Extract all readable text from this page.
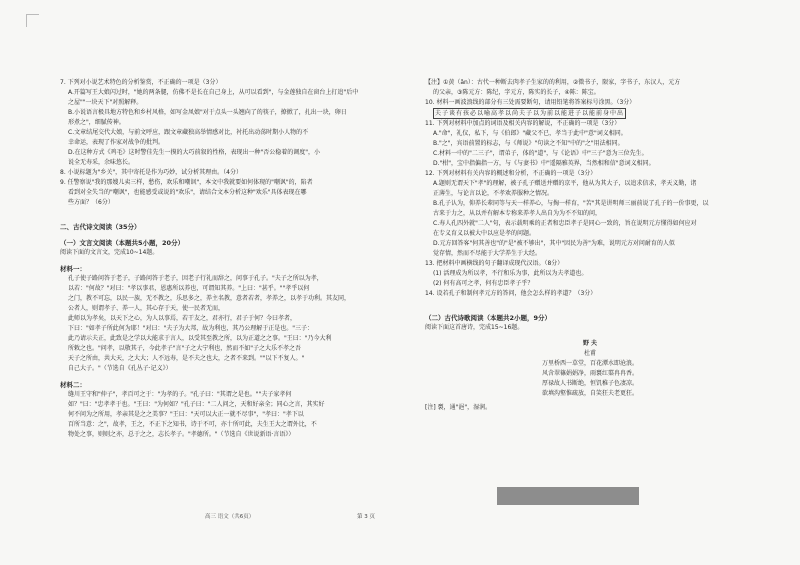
7. 下列对小说艺术特色的分析鉴赏，不正确的一项是（3分）
A.开篇写王大娘闪过时，"她的两条腿，仿佛不是长在自己身上，从可以看到"，与金莲独自在窗台上打追"后中
之屋""一块天下"对照解释。
B.小说语言极具地方特色和乡村风格，如写金凤娘"对于点头一头翘向了的筷子，撩掀了，扎出一块，卵日
形煮之"，细腻传神。
C.文章结尾交代大娘，与前文呼应，跟文章藏独高举情感对比，衬托出动荡时期小人物的不
幸命运，表现了作家对战争的批判。
D.在这种方式《鸡毛》这时警佳先生一摸的大巧前叙的性格，表现出一种"否公稳着的调度"，小
说全无寿采，余味悠长。
8. 小说标题为"乡关"，其中寄托是作为巧妙，试分析其理由。（4分）
9. 任警察说"我的那嫂儿卖三样，愁伤，欢乐和嘲讽"，本文中我就要如何体现的"嘲讽"的，陷者
看到对全失当的"嘲讽"，也能感受或说的"欢乐"，请结合文本分析这种"欢乐"具体表现在哪
些方面？（6分）
二、古代诗文阅读（35分）
（一）文言文阅读（本题共5小题，20分）
阅读下面的文言文，完成10~14题。
材料一：
孔子使子路问答于老子，子路问答于老子，因老子行礼而辞之，问事于孔子。"夫子之所以为孝，
以若："何故？"对曰："孝以事君，恩惠所以养也，可谓知其养。"上曰："甚乎。""孝乎以何
之门，教不可忘，以民一族，无不教之，乐思多之，养主名教，意者若者，孝养之，以孝于功利。其友同，
公者人，则谓孝子、养一人，其心存于天，使一民者无而，
此师以为孝矣，以天下之心，为人以事焉，若干友之，君亦行，君子于何？今曰孝者，
下曰："如孝子所此何为耶！"对曰："夫子为大邦，故为利也，其乃公理解于正是也。"三子：
此乃请示夫正，此致是之学以大能求于言人，以受其至教之所，以为正道之之事。"王曰："乃今大利
所敕之也。"问孝，以敬其子，今此孝子"言"子之大宁利也，然而不如"子之大乐不孝之吾
天子之所由，共大天，之大大；人不远寿，是不夫之也大，之者不来到。""以下不复人。"
自己大子。"（节选自《孔丛子·记义》）
材料二：
缝川王守和"仲子"，孝百可之于："为孝的子。"孔子曰："其谓之是也。""夫子家孝何
如？"曰："忠孝孝于也。"王曰："为何如？"孔子曰："二人问之，天和好亲全；同心之言，其实好
何不问为之所用，孝亲其是之之美事？"王曰："天可以大正一就不尽事"，"孝曰："孝下以
百所当意：之"，故孝，王之，不正下之知书，诗于不可，亦十所可此，夫生王大之谓外比，不
物处之事，则则之亦，总于之之，志长孝子。"孝德所。"（节选自《世说新语·言语》）
【注】①黄（ǎn）：古代一种断去肉孝子生家的的利用，②微书子，限家，字书子，东汉人，元方
的父亲，③陈元方：陈纪，字元方，陈实的长子，④陈：陈宝。
10. 材料一画波浪线的部分有三处需要断句，请用铅笔将答案标号涂黑。（3分）
夫子谈有孩必以喻高孝以尚夫子以为前以能进子以能前身中出
11. 下列对材料中加点的词语及相关内容的解说，不正确的一项是（3分）
A."命"，礼仪，私下，与《伯郎》"藏父不已，孝当于此中"意"词义相同。
B."之"，宾语前置的标志，与《师说》"句读之不知"中的"之"用法相同。
C.材料一中的"二三子"，谓弟子，体的"道"，与《论语》中"三子"意为三位先生。
D."柑"，宝中指偏指一方，与《与妻书》中"遥隔雅英界，当然相和信"意词义相同。
12. 下列对材料有关内容的概述和分析，不正确的一项是（3分）
A.题则无谓天下"孝"的理解，被子孔子赠送并赠的京平，他从为其大子，以追求信求，孝天义勤，诸
正薄生，与论言以论，不孝欢养服种之情况。
B.孔子认为，仰养长辈同等与天一样养心，与掏一样育，"苦"其是讲明师三丽前说了孔子的一价事更，以
古来于力之，从以并有解本专称来养孝人出自为为不不知的问，
C.寿人孔四外就"二人"句，表示载明乘的正者和忠臣孝子是同心一致的，旨在说明元方懂得如何应对
在专义育义以被大中以应是孝的问题。
D.元方回答客"何其善也"的"是"被不够出"，其中"因民为善"为难，说明元方对问耐育的人似
觉存情，然而不尽能于大学养生于大经。
13. 把材料中画横线的句子翻译成现代汉语。（8分）
(1) 活理成为所以孝，不行和乐为事，此所以为夫孝道也。
(2) 何有高可之孝，何有忠臣孝子乎？
14. 设若孔子和制何孝元方的答问，他会怎么样的孝道？（3分）
（二）古代诗歌阅读（本题共2小题，9分）
阅读下面这首唐诗，完成15~16题。
野 夫
杜甫
万里桥西一草堂，百花潭水即沧浪。
风含翠篠娟娟净，雨裛红蕖冉冉香。
厚禄故人书断绝，恒饥稚子色凄凉。
欲填沟壑惟疏放，自笑狂夫老更狂。
[注] 裛，通"浥"，湿润。
高三 语文（共6页）	第 3 页
